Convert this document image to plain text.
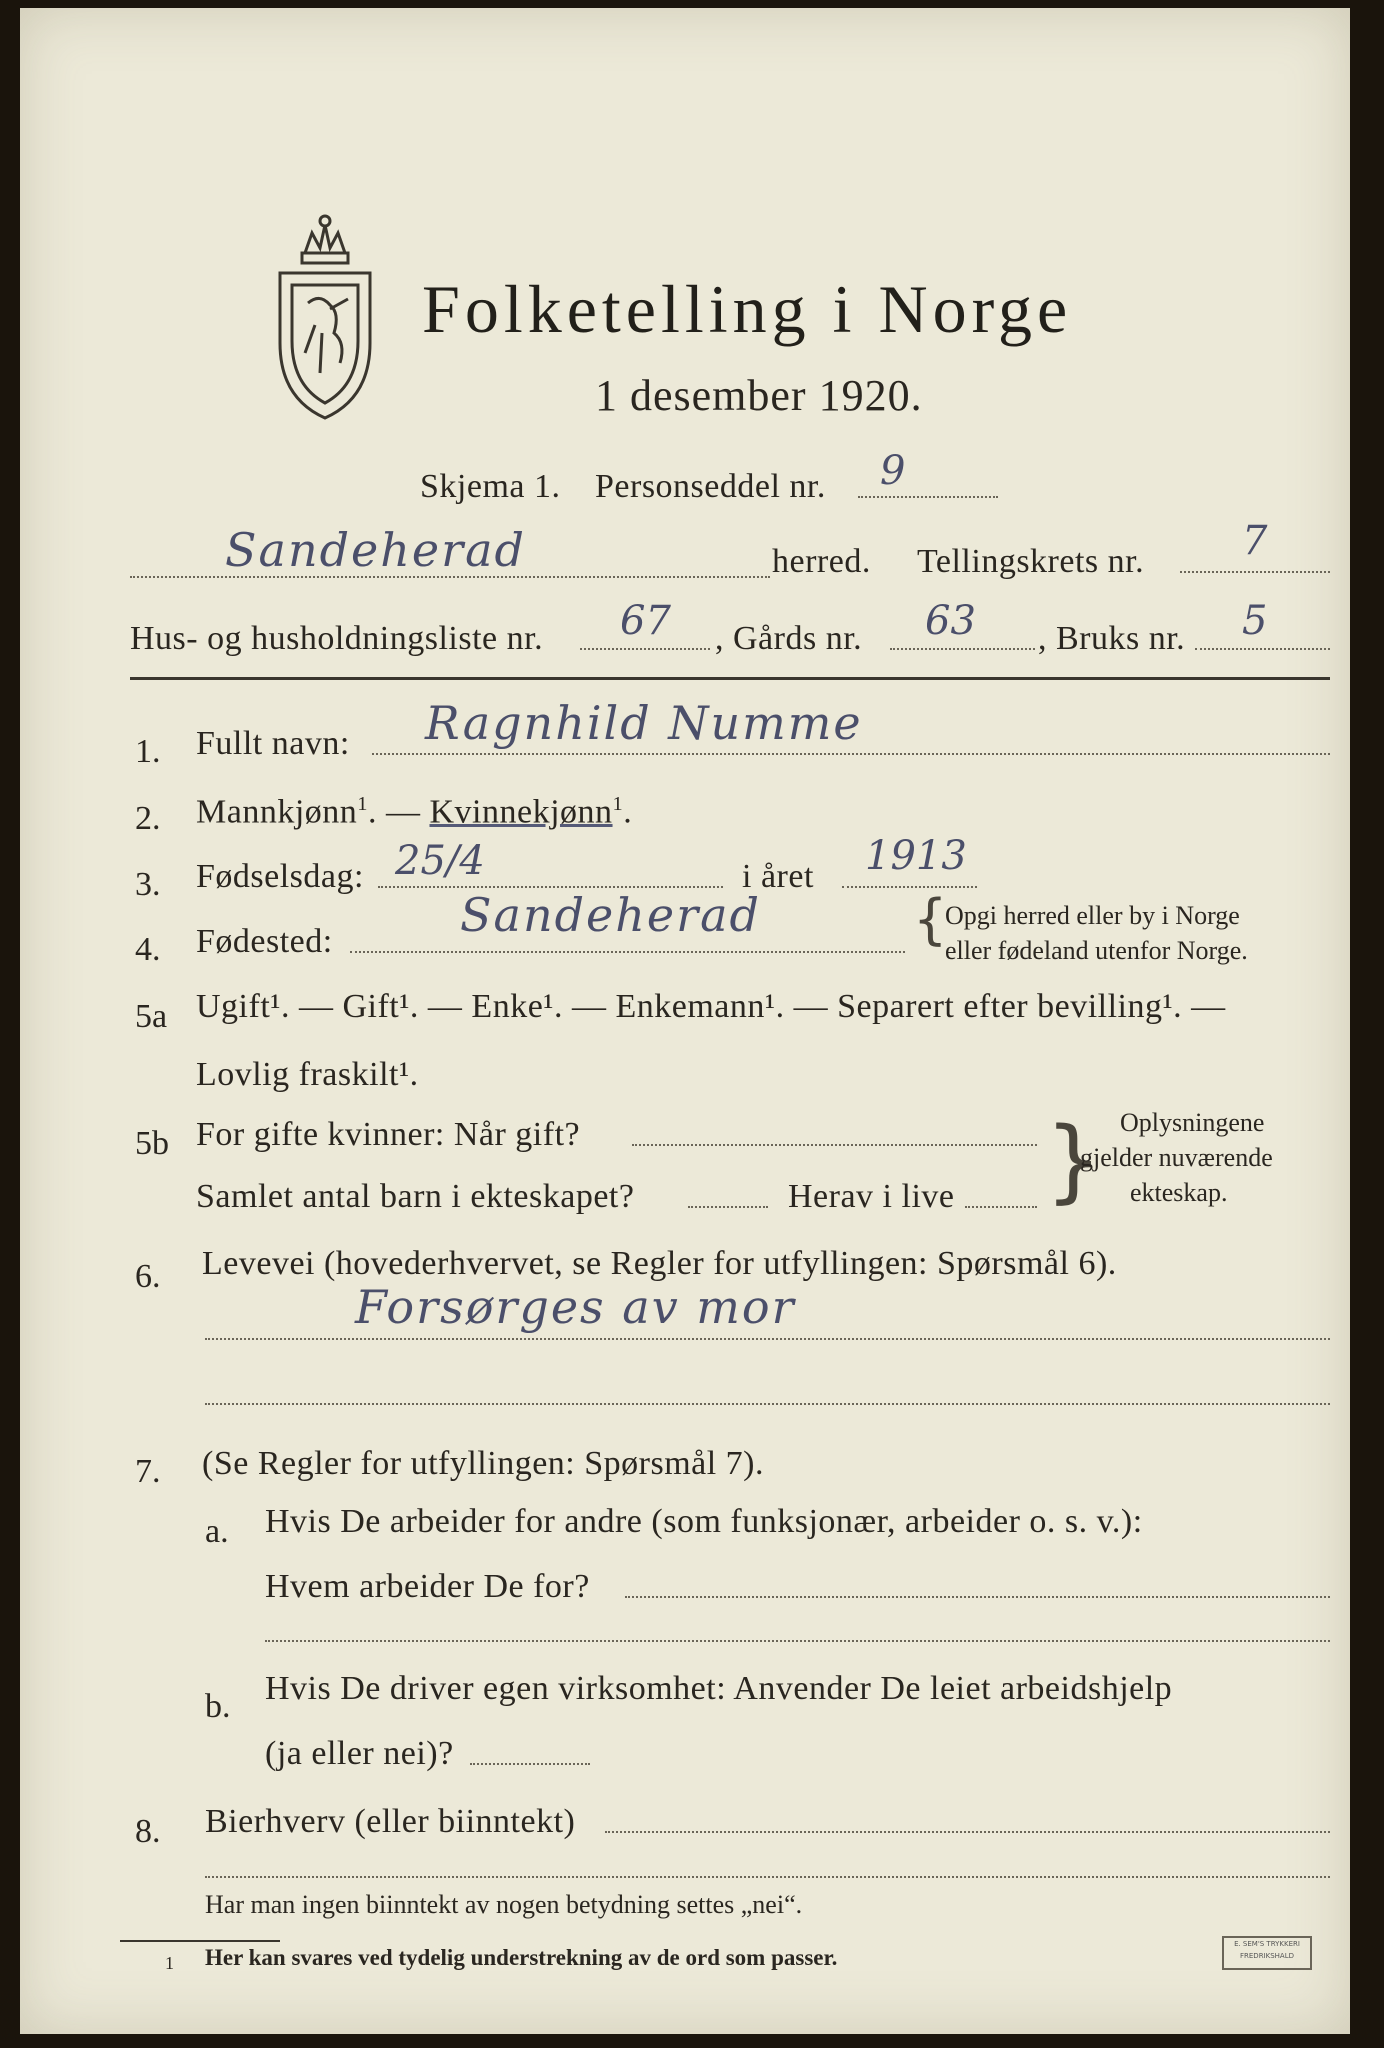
Folketelling i Norge
1 desember 1920.
Skjema 1. Personseddel nr. 9
Sandeherad	herred. Tellingskrets nr. 7
Hus- og husholdningsliste nr. 67 , Gårds nr. 63 , Bruks nr. 5
1. Fullt navn: Ragnhild Numme
2. Mannkjønn$^1$. — Kvinnekjønn$^1$.
3. Fødselsdag: 25/4	i året 1913
4. Fødested:	Sandeherad	{
Opgi herred eller by i Norge
eller fødeland utenfor Norge.
5a Ugift¹. — Gift¹. — Enke¹. — Enkemann¹. — Separert efter bevilling¹. —
Lovlig fraskilt¹.
5b For gifte kvinner: Når gift?
Samlet antal barn i ekteskapet?	Herav i live } Oplysningene
gjelder nuværende
ekteskap.
6. Levevei (hovederhvervet, se Regler for utfyllingen: Spørsmål 6).
Forsørges av mor
7. (Se Regler for utfyllingen: Spørsmål 7).
a. Hvis De arbeider for andre (som funksjonær, arbeider o. s. v.):
Hvem arbeider De for?
b. Hvis De driver egen virksomhet: Anvender De leiet arbeidshjelp
(ja eller nei)?
8. Bierhverv (eller biinntekt)
Har man ingen biinntekt av nogen betydning settes „nei“.
1 Her kan svares ved tydelig understrekning av de ord som passer.
E. SEM'S TRYKKERI FREDRIKSHALD
